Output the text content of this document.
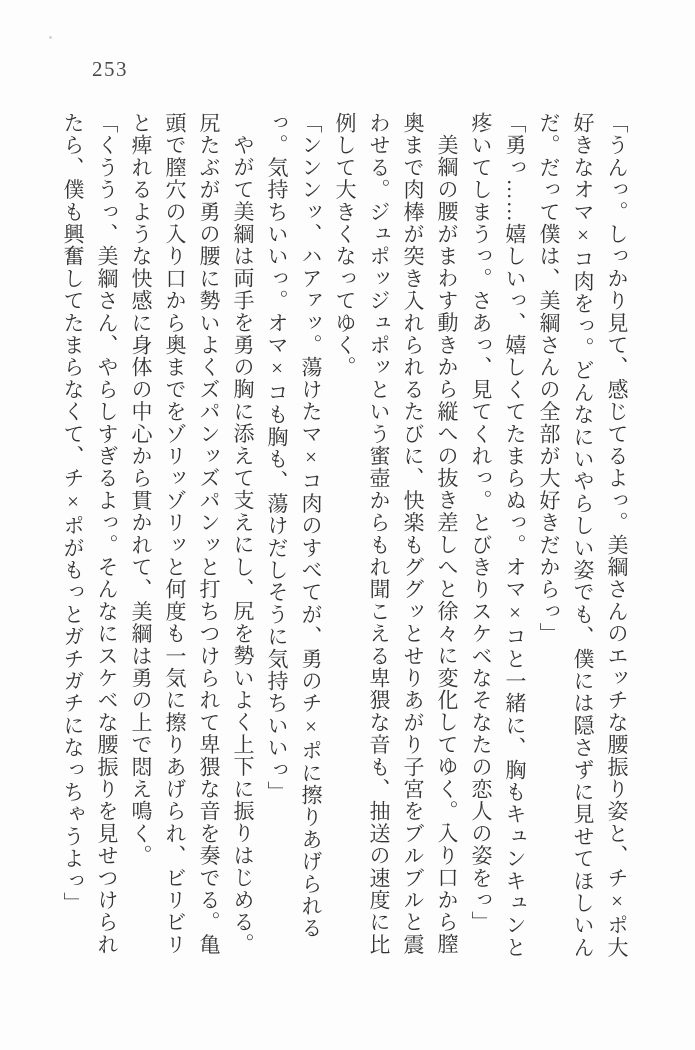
253

「うんっ。しっかり見て、感じてるよっ。美綱さんのエッチな腰振り姿と、チ×ポ大好きなオマ×コ肉をっ。どんなにいやらしい姿でも、僕には隠さずに見せてほしいんだ。だって僕は、美綱さんの全部が大好きだからっ」

「勇っ……嬉しいっ、嬉しくてたまらぬっ。オマ×コと一緒に、胸もキュンキュンと疼いてしまうっ。さあっ、見てくれっ。とびきりスケベなそなたの恋人の姿をっ」

美綱の腰がまわす動きから縦への抜き差しへと徐々に変化してゆく。入り口から膣奥まで肉棒が突き入れられるたびに、快楽もググッとせりあがり子宮をブルブルと震わせる。ジュポッジュポッという蜜壺からもれ聞こえる卑猥な音も、抽送の速度に比例して大きくなってゆく。

「ンンンッ、ハアァッ。蕩けたマ×コ肉のすべてが、勇のチ×ポに擦りあげられるっ。気持ちいいっ。オマ×コも胸も、蕩けだしそうに気持ちいいっ」

やがて美綱は両手を勇の胸に添えて支えにし、尻を勢いよく上下に振りはじめる。尻たぶが勇の腰に勢いよくズパンッズパンッと打ちつけられて卑猥な音を奏でる。亀頭で膣穴の入り口から奥までをゾリッゾリッと何度も一気に擦りあげられ、ビリビリと痺れるような快感に身体の中心から貫かれて、美綱は勇の上で悶え鳴く。

「くううっ、美綱さん、やらしすぎるよっ。そんなにスケベな腰振りを見せつけられたら、僕も興奮してたまらなくて、チ×ポがもっとガチガチになっちゃうよっ」
